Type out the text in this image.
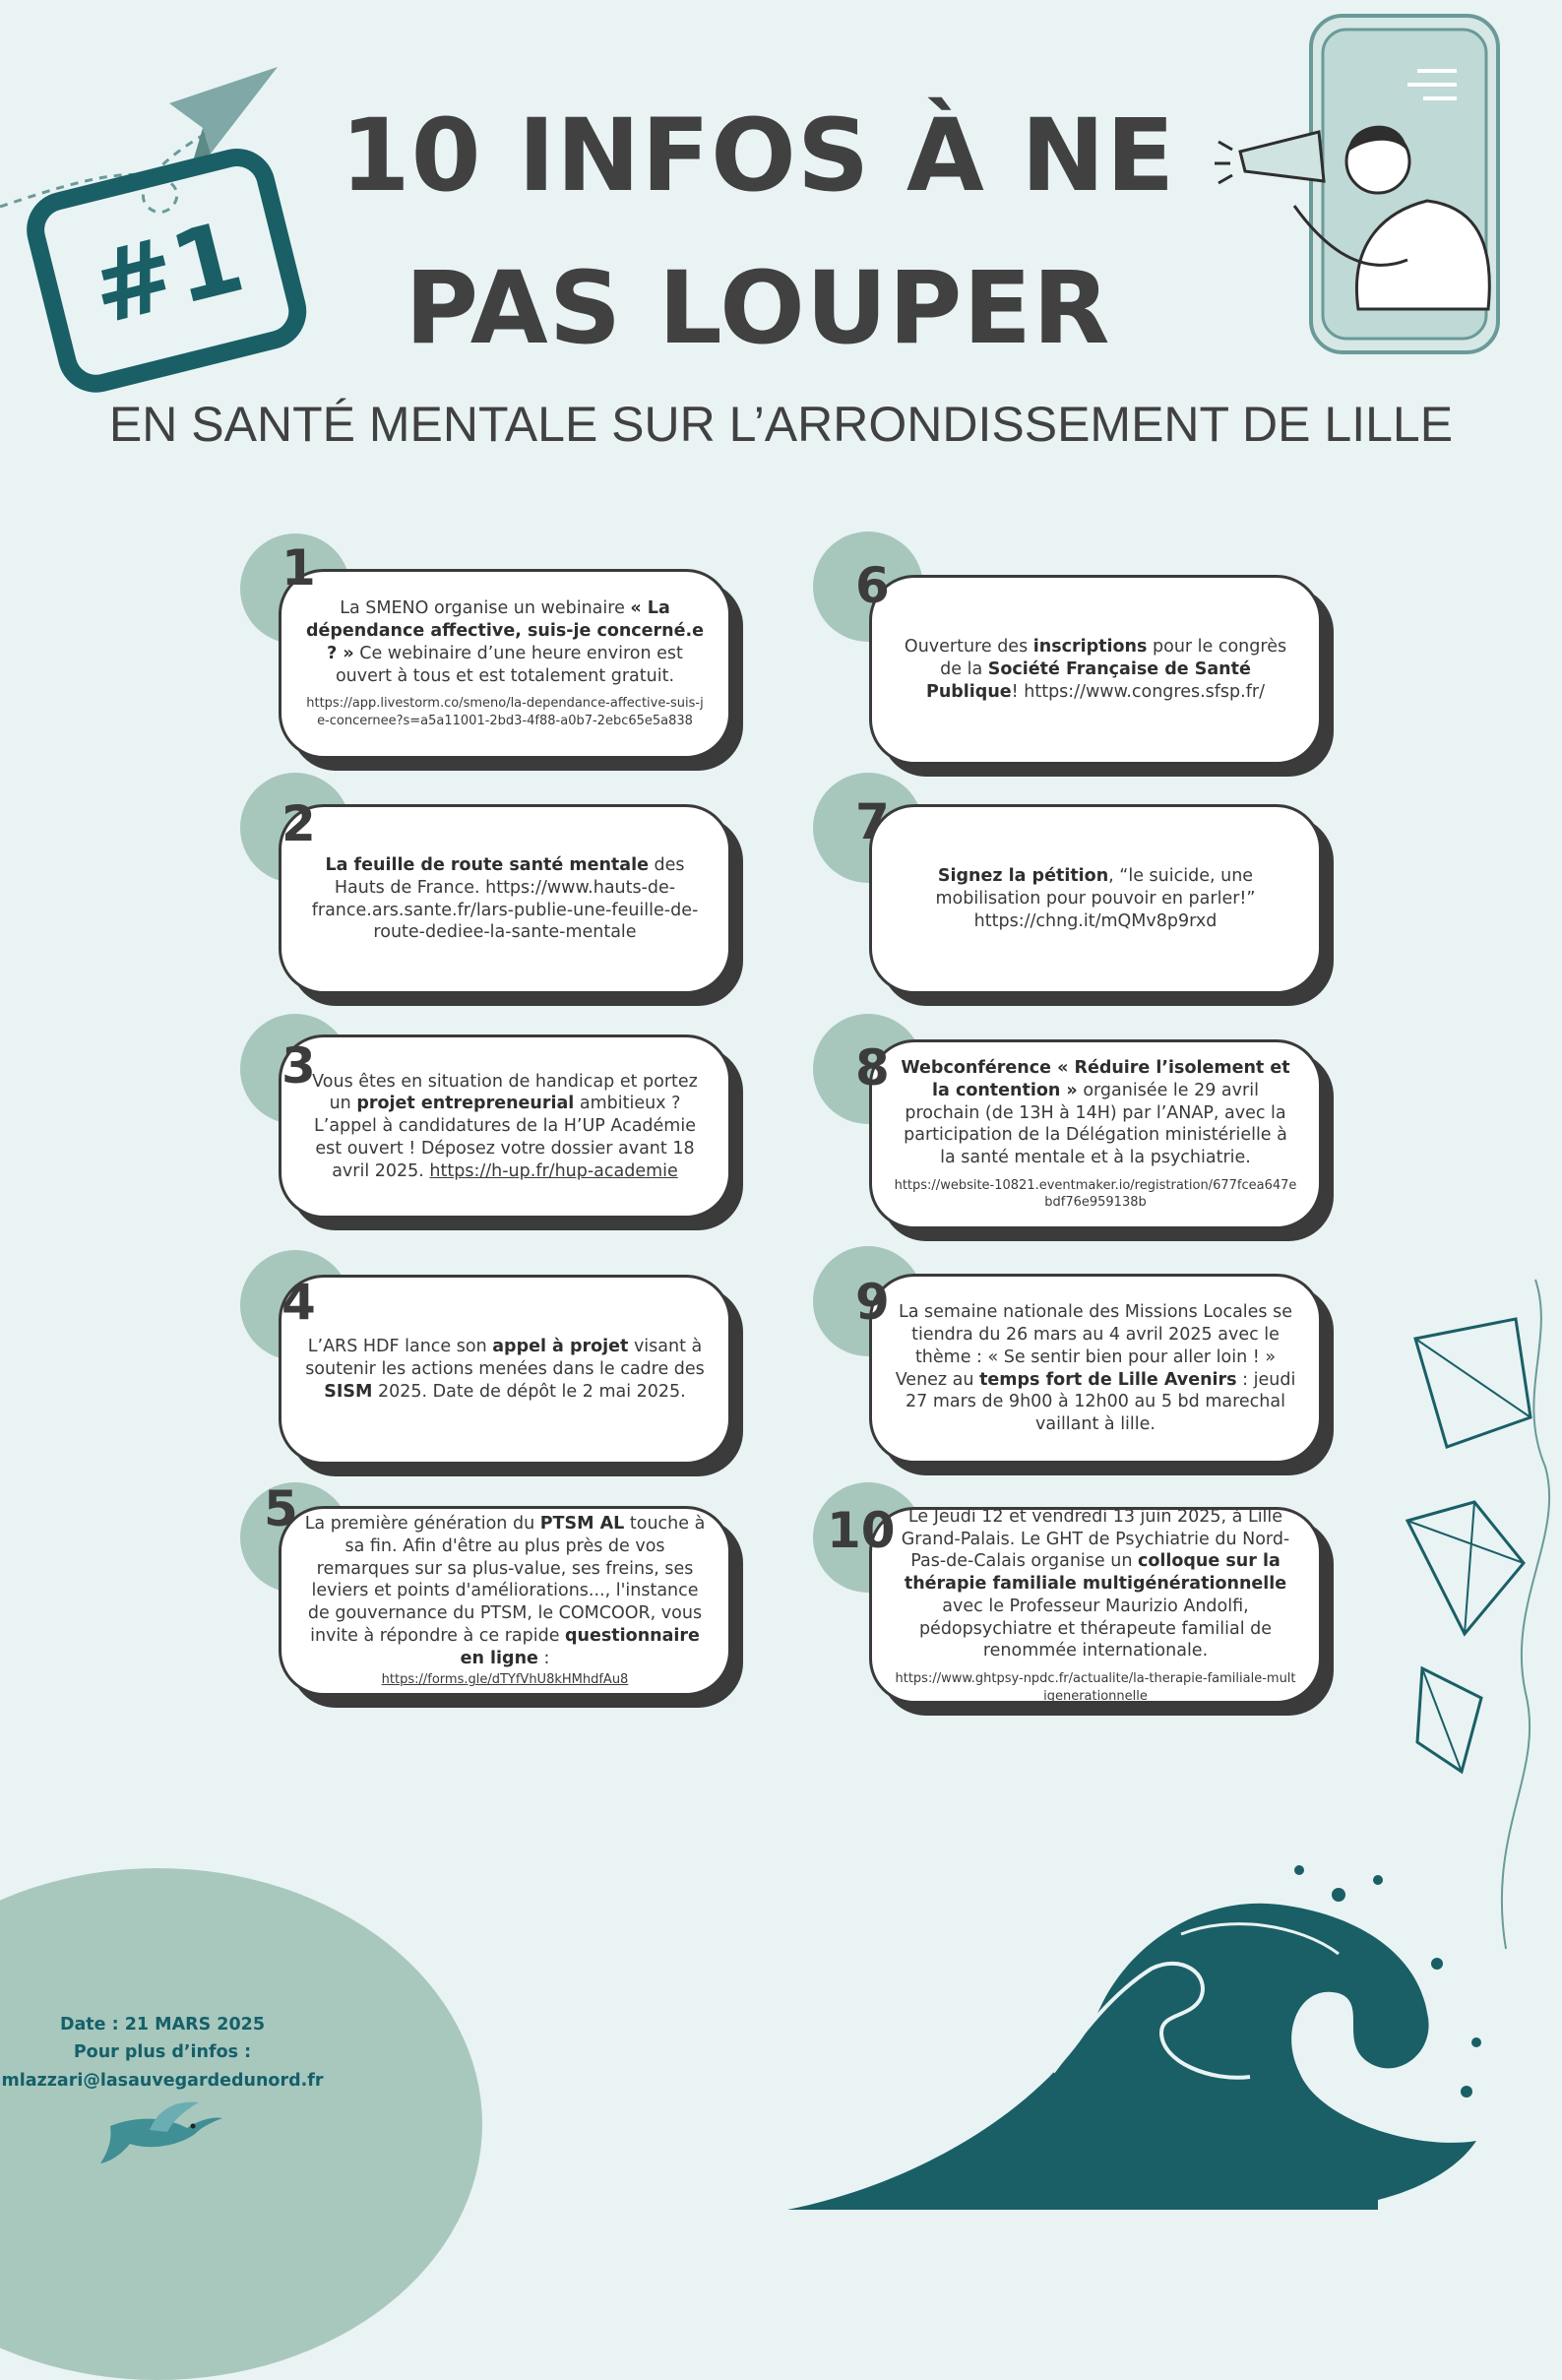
#1
10 INFOS À NE
PAS LOUPER
EN SANTÉ MENTALE SUR L’ARRONDISSEMENT DE LILLE

La SMENO organise un webinaire « La dépendance affective, suis-je concerné.e ? » Ce webinaire d’une heure environ est ouvert à tous et est totalement gratuit.

https://app.livestorm.co/smeno/la-dependance-affective-suis-je-concernee?s=a5a11001-2bd3-4f88-a0b7-2ebc65e5a838
1

La feuille de route santé mentale des Hauts de France. https://www.hauts-de-france.ars.sante.fr/lars-publie-une-feuille-de-route-dediee-la-sante-mentale

2

Vous êtes en situation de handicap et portez un projet entrepreneurial ambitieux ?L’appel à candidatures de la H’UP Académie est ouvert ! Déposez votre dossier avant 18 avril 2025. https://h-up.fr/hup-academie

3

L’ARS HDF lance son appel à projet visant à soutenir les actions menées dans le cadre des SISM 2025. Date de dépôt le 2 mai 2025.

4

La première génération du PTSM AL touche à sa fin. Afin d'être au plus près de vos remarques sur sa plus-value, ses freins, ses leviers et points d'améliorations..., l'instance de gouvernance du PTSM, le COMCOOR, vous invite à répondre à ce rapide questionnaire en ligne :

https://forms.gle/dTYfVhU8kHMhdfAu8
5

Ouverture des inscriptions pour le congrès de la Société Française de Santé Publique! https://www.congres.sfsp.fr/

6

Signez la pétition, “le suicide, une mobilisation pour pouvoir en parler!” https://chng.it/mQMv8p9rxd

7

Webconférence « Réduire l’isolement et la contention » organisée le 29 avril prochain (de 13H à 14H) par l’ANAP, avec la participation de la Délégation ministérielle à la santé mentale et à la psychiatrie.

https://website-10821.eventmaker.io/registration/677fcea647ebdf76e959138b
8

La semaine nationale des Missions Locales se tiendra du 26 mars au 4 avril 2025 avec le thème : « Se sentir bien pour aller loin ! » Venez au temps fort de Lille Avenirs : jeudi 27 mars de 9h00 à 12h00 au 5 bd marechal vaillant à lille.

9

Le Jeudi 12 et vendredi 13 juin 2025, à Lille Grand-Palais. Le GHT de Psychiatrie du Nord-Pas-de-Calais organise un colloque sur la thérapie familiale multigénérationnelle avec le Professeur Maurizio Andolfi, pédopsychiatre et thérapeute familial de renommée internationale.

https://www.ghtpsy-npdc.fr/actualite/la-therapie-familiale-multigenerationnelle
10
Date : 21 MARS 2025
Pour plus d’infos :
mlazzari@lasauvegardedunord.fr
